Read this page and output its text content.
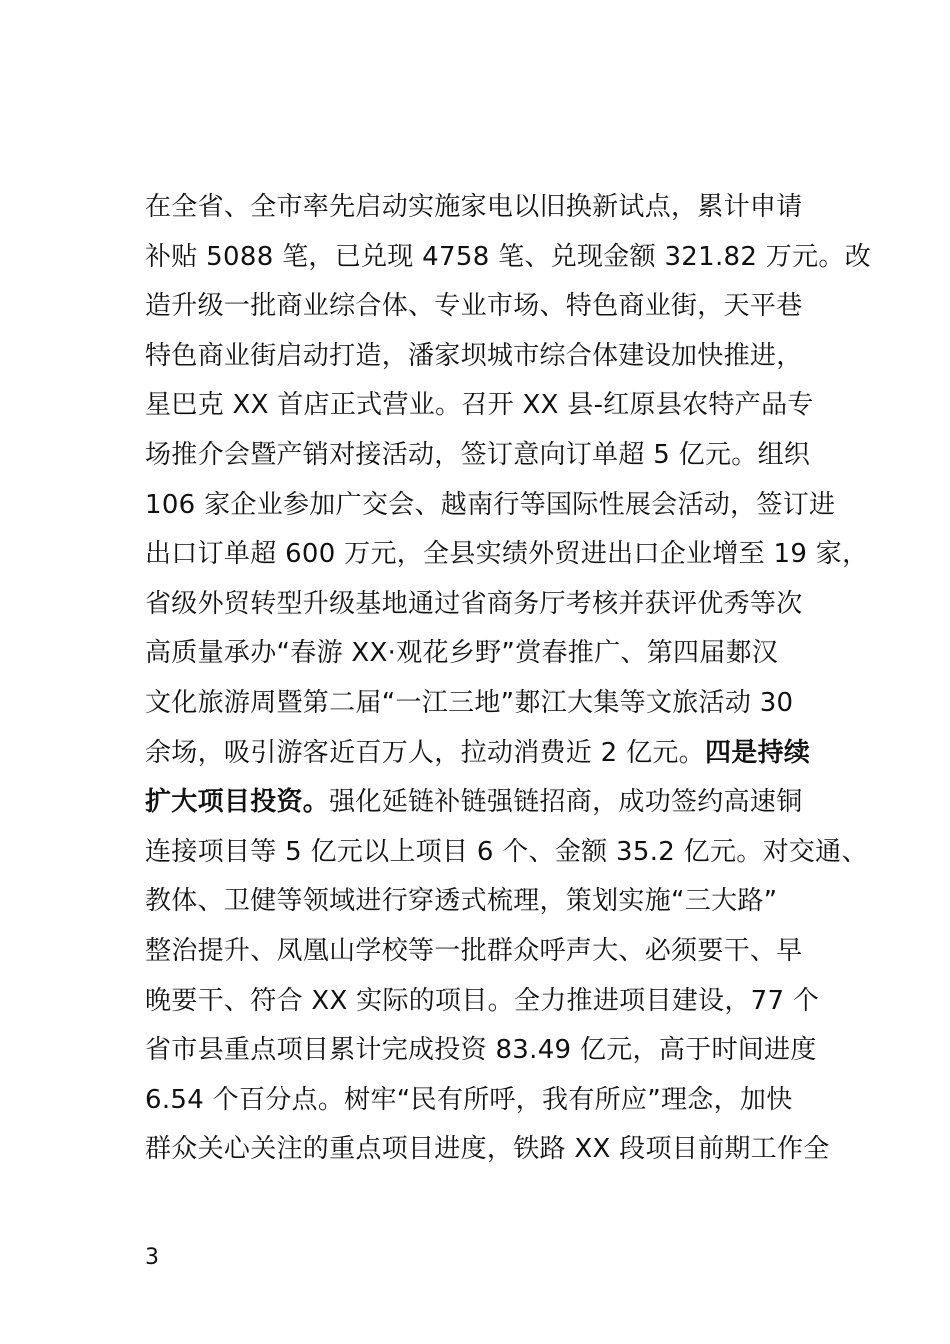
在全省、全市率先启动实施家电以旧换新试点，累计申请
补贴 5088 笔，已兑现 4758 笔、兑现金额 321.82 万元。改
造升级一批商业综合体、专业市场、特色商业街，天平巷
特色商业街启动打造，潘家坝城市综合体建设加快推进，
星巴克 XX 首店正式营业。召开 XX 县-红原县农特产品专
场推介会暨产销对接活动，签订意向订单超 5 亿元。组织
106 家企业参加广交会、越南行等国际性展会活动，签订进
出口订单超 600 万元，全县实绩外贸进出口企业增至 19 家，
省级外贸转型升级基地通过省商务厅考核并获评优秀等次
高质量承办“春游 XX·观花乡野”赏春推广、第四届郪汉
文化旅游周暨第二届“一江三地”郪江大集等文旅活动 30
余场，吸引游客近百万人，拉动消费近 2 亿元。四是持续
扩大项目投资。强化延链补链强链招商，成功签约高速铜
连接项目等 5 亿元以上项目 6 个、金额 35.2 亿元。对交通、
教体、卫健等领域进行穿透式梳理，策划实施“三大路”
整治提升、凤凰山学校等一批群众呼声大、必须要干、早
晚要干、符合 XX 实际的项目。全力推进项目建设，77 个
省市县重点项目累计完成投资 83.49 亿元，高于时间进度
6.54 个百分点。树牢“民有所呼，我有所应”理念，加快
群众关心关注的重点项目进度，铁路 XX 段项目前期工作全
3
